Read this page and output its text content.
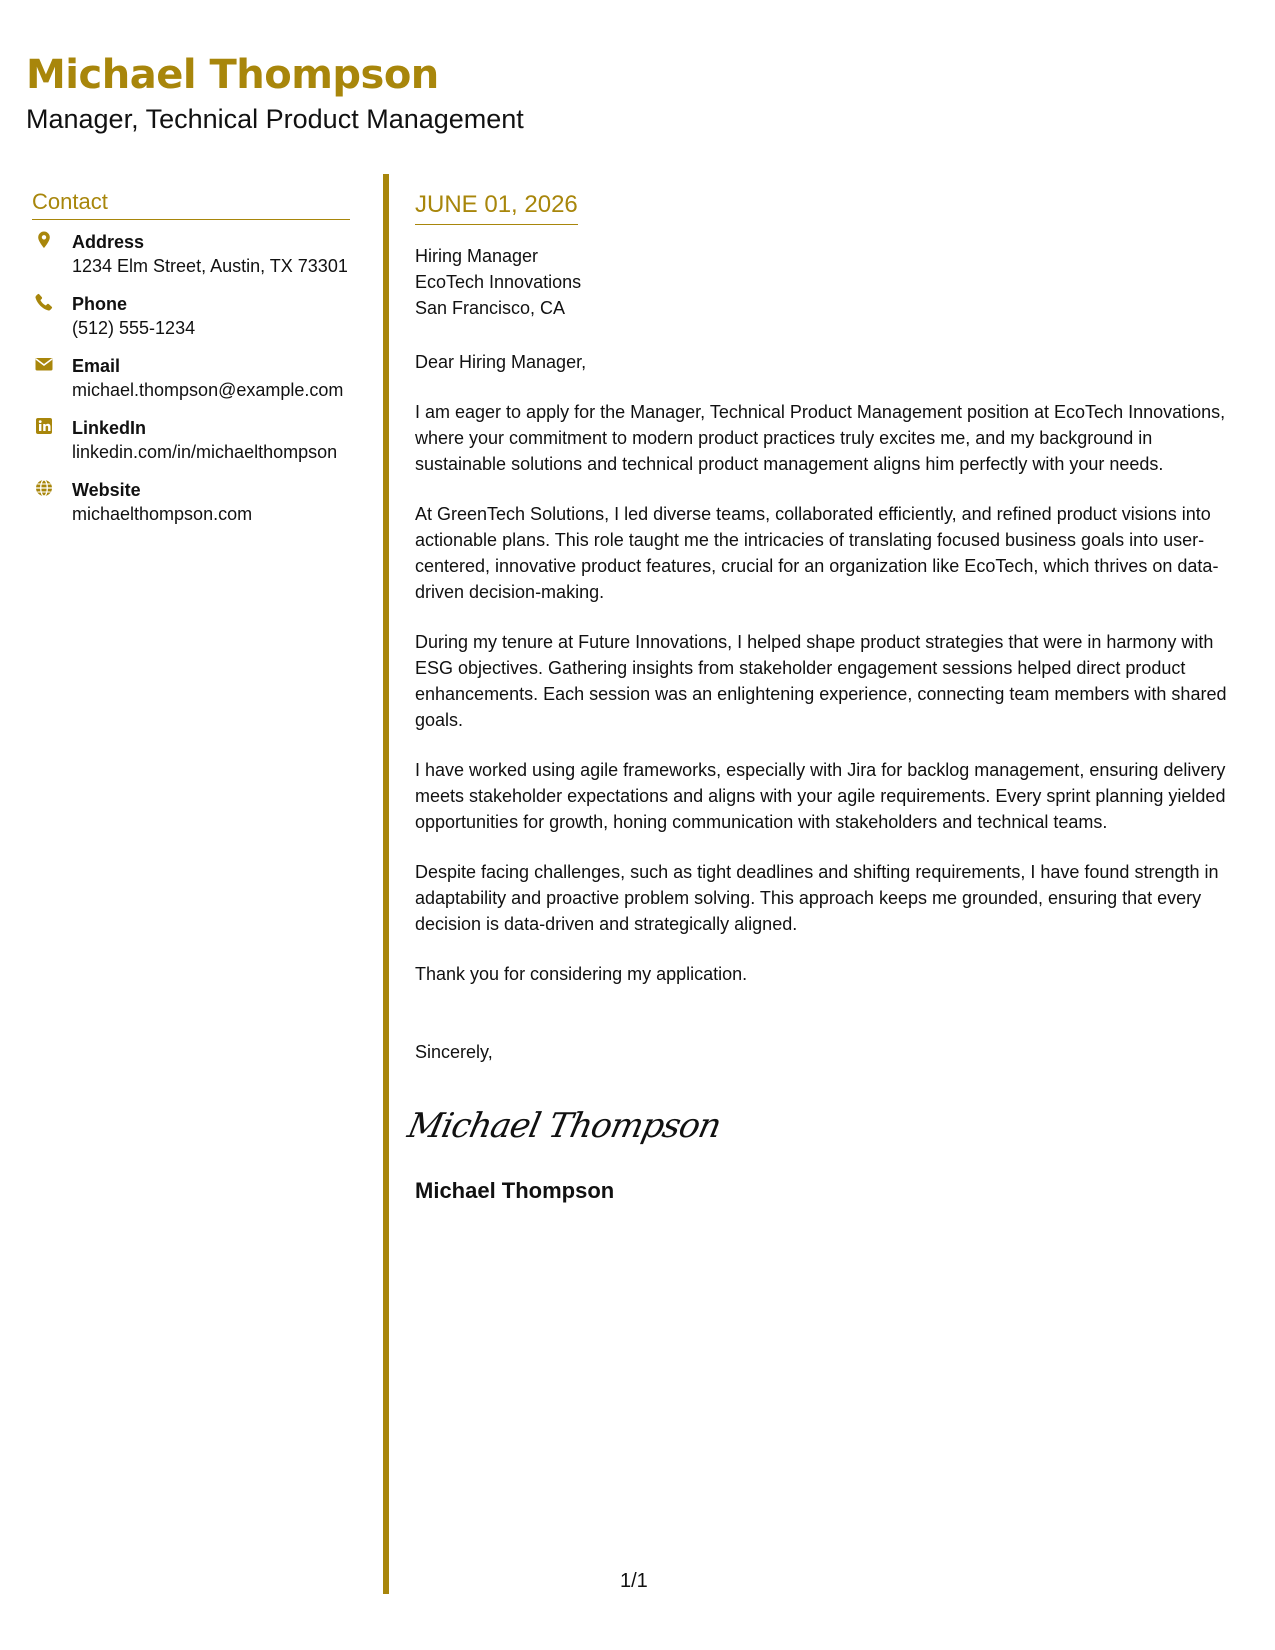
Michael Thompson
Manager, Technical Product Management
Contact
Address
1234 Elm Street, Austin, TX 73301
Phone
(512) 555-1234
Email
michael.thompson@example.com
LinkedIn
linkedin.com/in/michaelthompson
Website
michaelthompson.com
JUNE 01, 2026
Hiring Manager
EcoTech Innovations
San Francisco, CA
Dear Hiring Manager,

I am eager to apply for the Manager, Technical Product Management position at EcoTech Innovations, where your commitment to modern product practices truly excites me, and my background in sustainable solutions and technical product management aligns him perfectly with your needs.

At GreenTech Solutions, I led diverse teams, collaborated efficiently, and refined product visions into actionable plans. This role taught me the intricacies of translating focused business goals into user-centered, innovative product features, crucial for an organization like EcoTech, which thrives on data-driven decision-making.

During my tenure at Future Innovations, I helped shape product strategies that were in harmony with ESG objectives. Gathering insights from stakeholder engagement sessions helped direct product enhancements. Each session was an enlightening experience, connecting team members with shared goals.

I have worked using agile frameworks, especially with Jira for backlog management, ensuring delivery meets stakeholder expectations and aligns with your agile requirements. Every sprint planning yielded opportunities for growth, honing communication with stakeholders and technical teams.

Despite facing challenges, such as tight deadlines and shifting requirements, I have found strength in adaptability and proactive problem solving. This approach keeps me grounded, ensuring that every decision is data-driven and strategically aligned.

Thank you for considering my application.

Sincerely,
Michael Thompson
Michael Thompson
1/1
